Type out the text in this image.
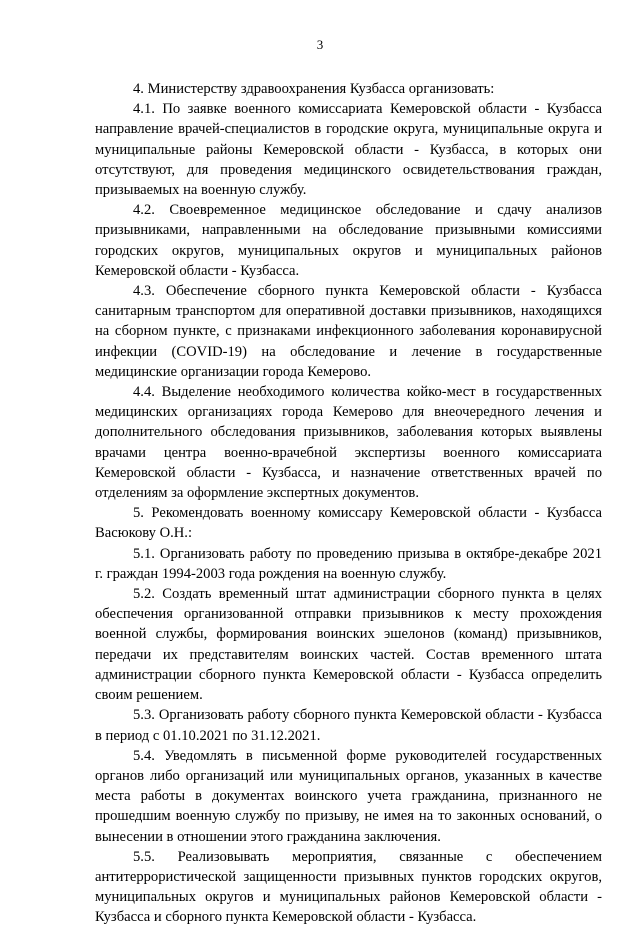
3

4. Министерству здравоохранения Кузбасса организовать:

4.1. По заявке военного комиссариата Кемеровской области - Кузбасса направление врачей-специалистов в городские округа, муниципальные округа и муниципальные районы Кемеровской области - Кузбасса, в которых они отсутствуют, для проведения медицинского освидетельствования граждан, призываемых на военную службу.

4.2. Своевременное медицинское обследование и сдачу анализов призывниками, направленными на обследование призывными комиссиями городских округов, муниципальных округов и муниципальных районов Кемеровской области - Кузбасса.

4.3. Обеспечение сборного пункта Кемеровской области - Кузбасса санитарным транспортом для оперативной доставки призывников, находящихся на сборном пункте, с признаками инфекционного заболевания коронавирусной инфекции (COVID-19) на обследование и лечение в государственные медицинские организации города Кемерово.

4.4. Выделение необходимого количества койко-мест в государственных медицинских организациях города Кемерово для внеочередного лечения и дополнительного обследования призывников, заболевания которых выявлены врачами центра военно-врачебной экспертизы военного комиссариата Кемеровской области - Кузбасса, и назначение ответственных врачей по отделениям за оформление экспертных документов.

5. Рекомендовать военному комиссару Кемеровской области - Кузбасса Васюкову О.Н.:

5.1. Организовать работу по проведению призыва в октябре-декабре 2021 г. граждан 1994-2003 года рождения на военную службу.

5.2. Создать временный штат администрации сборного пункта в целях обеспечения организованной отправки призывников к месту прохождения военной службы, формирования воинских эшелонов (команд) призывников, передачи их представителям воинских частей. Состав временного штата администрации сборного пункта Кемеровской области - Кузбасса определить своим решением.

5.3. Организовать работу сборного пункта Кемеровской области - Кузбасса в период с 01.10.2021 по 31.12.2021.

5.4. Уведомлять в письменной форме руководителей государственных органов либо организаций или муниципальных органов, указанных в качестве места работы в документах воинского учета гражданина, признанного не прошедшим военную службу по призыву, не имея на то законных оснований, о вынесении в отношении этого гражданина заключения.

5.5. Реализовывать мероприятия, связанные с обеспечением антитеррористической защищенности призывных пунктов городских округов, муниципальных округов и муниципальных районов Кемеровской области - Кузбасса и сборного пункта Кемеровской области - Кузбасса.
